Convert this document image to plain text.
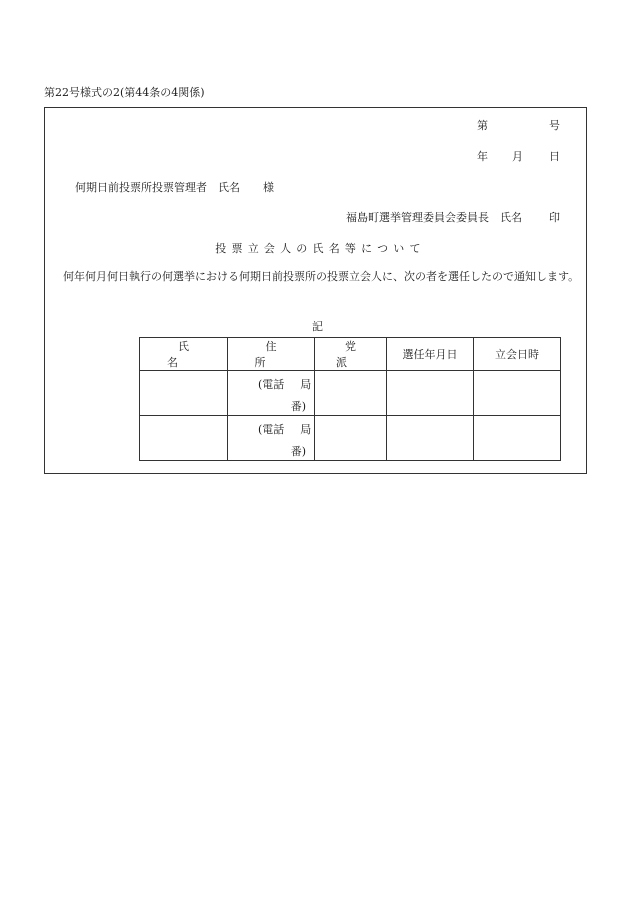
第22号様式の2(第44条の4関係)
第	号
年 月 日
何期日前投票所投票管理者　氏名 様
福島町選挙管理委員会委員長　氏名 印
投票立会人の氏名等について
何年何月何日執行の何選挙における何期日前投票所の投票立会人に、次の者を選任したので通知します。
記
氏名	住所	党派	選任年月日	立会日時

	(電話 局
番)			

	(電話 局
番)			
